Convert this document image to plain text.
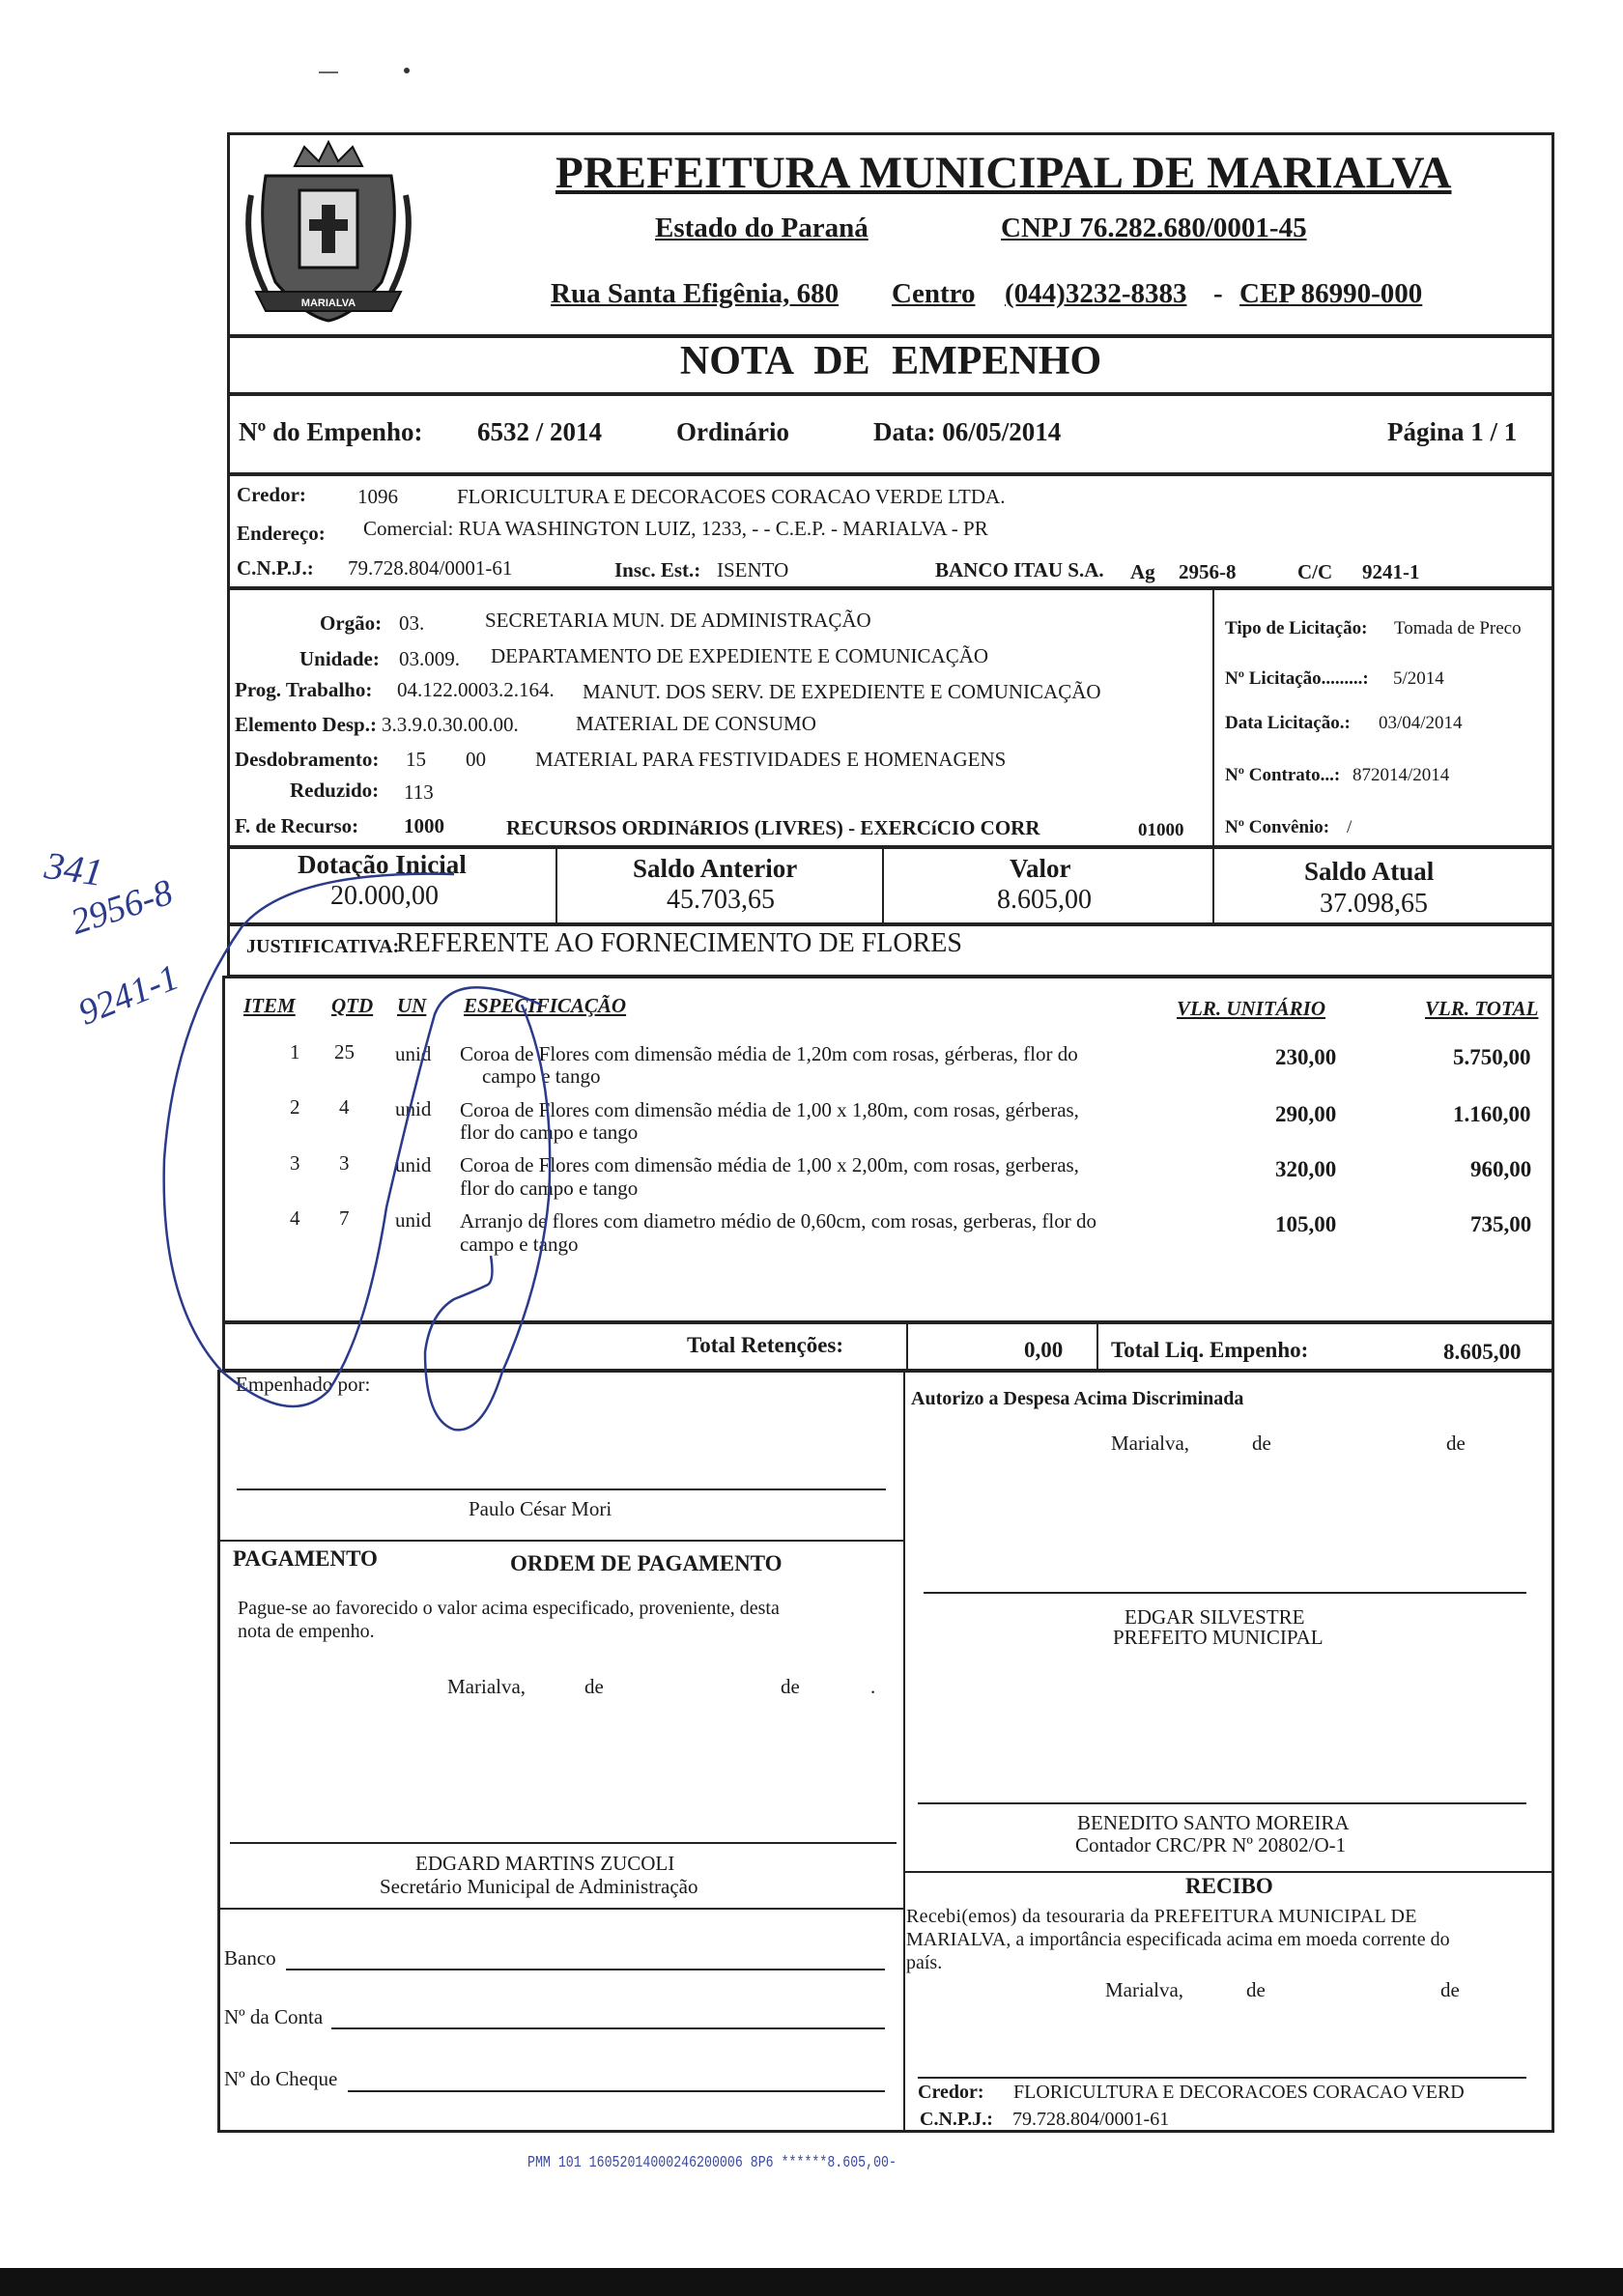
MARIALVA
PREFEITURA MUNICIPAL DE MARIALVA
Estado do Paraná	CNPJ 76.282.680/0001-45
Rua Santa Efigênia, 680 Centro (044)3232-8383 - CEP 86990-000
NOTA DE EMPENHO
Nº do Empenho: 6532 / 2014	Ordinário	Data: 06/05/2014	Página 1 / 1
Credor:	1096	FLORICULTURA E DECORACOES CORACAO VERDE LTDA.
Endereço: Comercial: RUA WASHINGTON LUIZ, 1233, - - C.E.P. - MARIALVA - PR
C.N.P.J.: 79.728.804/0001-61	Insc. Est.: ISENTO	BANCO ITAU S.A. Ag 2956-8	C/C 9241-1
Orgão: 03.	SECRETARIA MUN. DE ADMINISTRAÇÃO
Unidade: 03.009. DEPARTAMENTO DE EXPEDIENTE E COMUNICAÇÃO
Prog. Trabalho: 04.122.0003.2.164. MANUT. DOS SERV. DE EXPEDIENTE E COMUNICAÇÃO
Elemento Desp.: 3.3.9.0.30.00.00.	MATERIAL DE CONSUMO
Desdobramento: 15 00 MATERIAL PARA FESTIVIDADES E HOMENAGENS
Reduzido: 113
F. de Recurso: 1000	RECURSOS ORDINáRIOS (LIVRES) - EXERCíCIO CORR	01000
Tipo de Licitação: Tomada de Preco
Nº Licitação.........: 5/2014
Data Licitação.: 03/04/2014
Nº Contrato...: 872014/2014
Nº Convênio: /
Dotação Inicial
20.000,00
Saldo Anterior
45.703,65
Valor
8.605,00
Saldo Atual
37.098,65
JUSTIFICATIVA:
REFERENTE AO FORNECIMENTO DE FLORES
ITEM QTD UN ESPECIFICAÇÃO	VLR. UNITÁRIO	VLR. TOTAL
1 25 unid Coroa de Flores com dimensão média de 1,20m com rosas, gérberas, flor do
campo e tango
230,00	5.750,00
2 4 unid Coroa de Flores com dimensão média de 1,00 x 1,80m, com rosas, gérberas,
flor do campo e tango
290,00	1.160,00
3 3 unid Coroa de Flores com dimensão média de 1,00 x 2,00m, com rosas, gerberas,
flor do campo e tango
320,00	960,00
4 7 unid Arranjo de flores com diametro médio de 0,60cm, com rosas, gerberas, flor do
campo e tango
105,00	735,00
Total Retenções:	0,00 Total Liq. Empenho:	8.605,00
Empenhado por:
Paulo César Mori
Autorizo a Despesa Acima Discriminada
Marialva,	de	de
EDGAR SILVESTRE
PREFEITO MUNICIPAL
BENEDITO SANTO MOREIRA
Contador CRC/PR Nº 20802/O-1
PAGAMENTO	ORDEM DE PAGAMENTO
Pague-se ao favorecido o valor acima especificado, proveniente, desta
nota de empenho.
Marialva,	de	de	.
EDGARD MARTINS ZUCOLI
Secretário Municipal de Administração	RECIBO
Recebi(emos) da tesouraria da PREFEITURA MUNICIPAL DE
MARIALVA, a importância especificada acima em moeda corrente do
país.
Marialva,	de	de
Credor: FLORICULTURA E DECORACOES CORACAO VERD
C.N.P.J.: 79.728.804/0001-61
Banco
Nº da Conta
Nº do Cheque
PMM 101 16052014000246200006 8P6 ******8.605,00-
341
2956-8
9241-1
